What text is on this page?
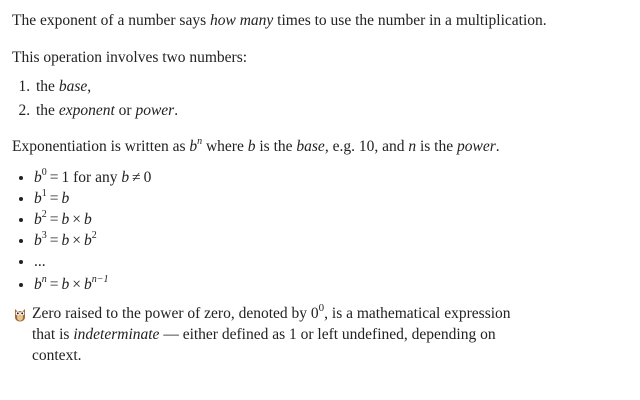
The exponent of a number says how many times to use the number in a multiplication.

This operation involves two numbers:

1. the base,
2. the exponent or power.

Exponentiation is written as $b^n$ where b is the base, e.g. 10, and n is the power.

• $b^0 = 1$ for any b ≠ 0
• $b^1 = b$
• $b^2 = b \times b$
• $b^3 = b \times b^2$
• ...
• $b^n = b \times b^{n-1}$
Zero raised to the power of zero, denoted by $0^0$, is a mathematical expression that is indeterminate — either defined as 1 or left undefined, depending on context.
